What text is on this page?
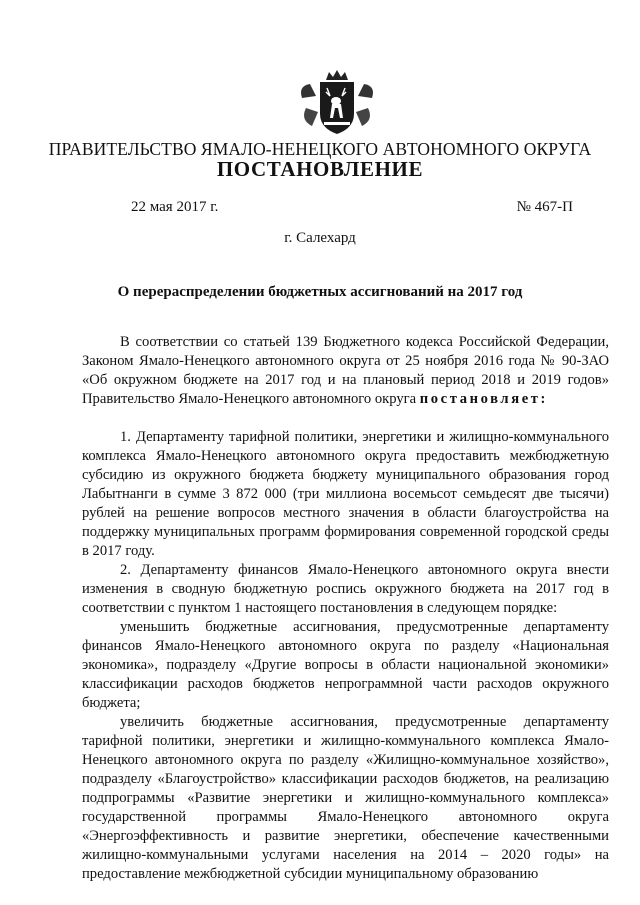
ПРАВИТЕЛЬСТВО ЯМАЛО-НЕНЕЦКОГО АВТОНОМНОГО ОКРУГА
ПОСТАНОВЛЕНИЕ
22 мая 2017 г.	№ 467-П
г. Салехард
О перераспределении бюджетных ассигнований на 2017 год

В соответствии со статьей 139 Бюджетного кодекса Российской Федерации, Законом Ямало-Ненецкого автономного округа от 25 ноября 2016 года № 90-ЗАО «Об окружном бюджете на 2017 год и на плановый период 2018 и 2019 годов» Правительство Ямало-Ненецкого автономного округа постановляет:

1. Департаменту тарифной политики, энергетики и жилищно-коммунального комплекса Ямало-Ненецкого автономного округа предоставить межбюджетную субсидию из окружного бюджета бюджету муниципального образования город Лабытнанги в сумме 3 872 000 (три миллиона восемьсот семьдесят две тысячи) рублей на решение вопросов местного значения в области благоустройства на поддержку муниципальных программ формирования современной городской среды в 2017 году.

2. Департаменту финансов Ямало-Ненецкого автономного округа внести изменения в сводную бюджетную роспись окружного бюджета на 2017 год в соответствии с пунктом 1 настоящего постановления в следующем порядке:

уменьшить бюджетные ассигнования, предусмотренные департаменту финансов Ямало-Ненецкого автономного округа по разделу «Национальная экономика», подразделу «Другие вопросы в области национальной экономики» классификации расходов бюджетов непрограммной части расходов окружного бюджета;

увеличить бюджетные ассигнования, предусмотренные департаменту тарифной политики, энергетики и жилищно-коммунального комплекса Ямало-Ненецкого автономного округа по разделу «Жилищно-коммунальное хозяйство», подразделу «Благоустройство» классификации расходов бюджетов, на реализацию подпрограммы «Развитие энергетики и жилищно-коммунального комплекса» государственной программы Ямало-Ненецкого автономного округа «Энергоэффективность и развитие энергетики, обеспечение качественными жилищно-коммунальными услугами населения на 2014 – 2020 годы» на предоставление межбюджетной субсидии муниципальному образованию
